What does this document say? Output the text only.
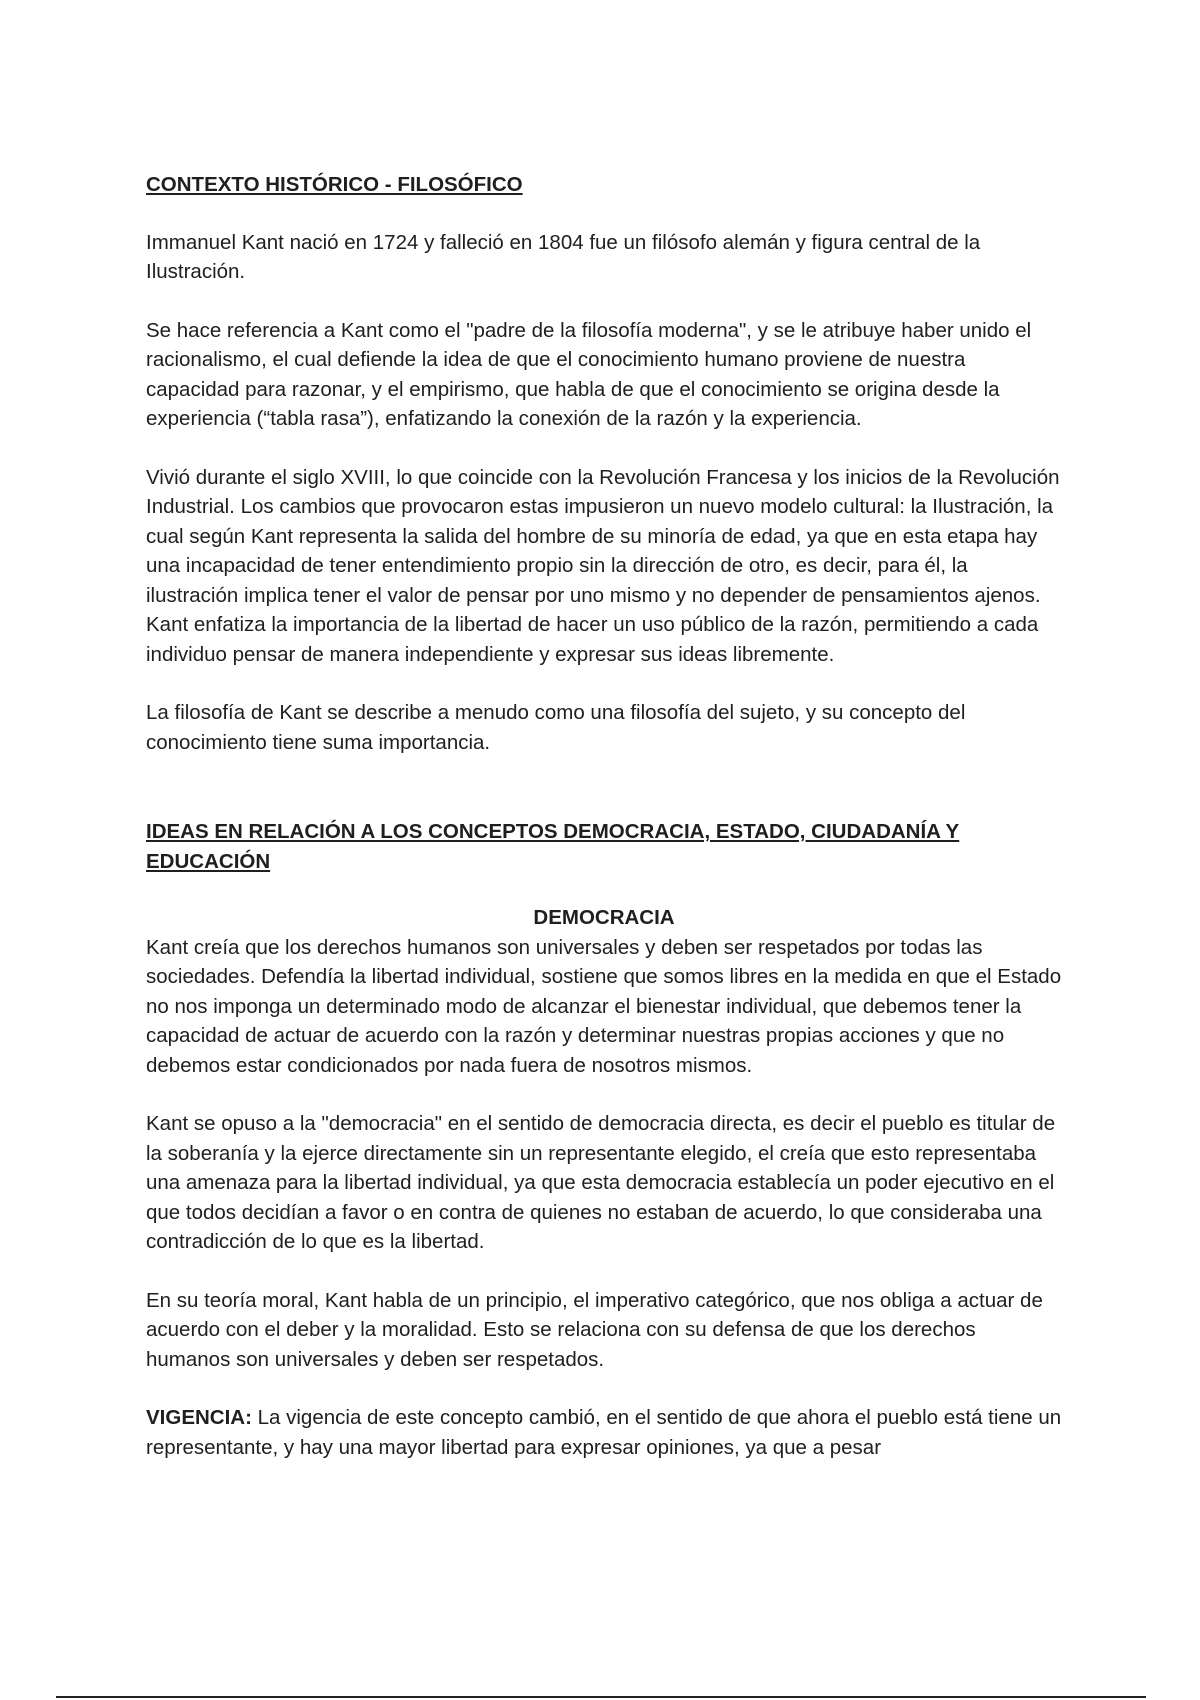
CONTEXTO HISTÓRICO - FILOSÓFICO

Immanuel Kant nació en 1724 y falleció en 1804 fue un filósofo alemán y figura central de la Ilustración.

Se hace referencia a Kant como el "padre de la filosofía moderna", y se le atribuye haber unido el racionalismo, el cual defiende la idea de que el conocimiento humano proviene de nuestra capacidad para razonar, y el empirismo, que habla de que el conocimiento se origina desde la experiencia (“tabla rasa”), enfatizando la conexión de la razón y la experiencia.

Vivió durante el siglo XVIII, lo que coincide con la Revolución Francesa y los inicios de la Revolución Industrial. Los cambios que provocaron estas impusieron un nuevo modelo cultural: la Ilustración, la cual según Kant representa la salida del hombre de su minoría de edad, ya que en esta etapa hay una incapacidad de tener entendimiento propio sin la dirección de otro, es decir, para él, la ilustración implica tener el valor de pensar por uno mismo y no depender de pensamientos ajenos. Kant enfatiza la importancia de la libertad de hacer un uso público de la razón, permitiendo a cada individuo pensar de manera independiente y expresar sus ideas libremente.

La filosofía de Kant se describe a menudo como una filosofía del sujeto, y su concepto del conocimiento tiene suma importancia.

IDEAS EN RELACIÓN A LOS CONCEPTOS DEMOCRACIA, ESTADO, CIUDADANÍA Y EDUCACIÓN
DEMOCRACIA

Kant creía que los derechos humanos son universales y deben ser respetados por todas las sociedades. Defendía la libertad individual, sostiene que somos libres en la medida en que el Estado no nos imponga un determinado modo de alcanzar el bienestar individual, que debemos tener la capacidad de actuar de acuerdo con la razón y determinar nuestras propias acciones y que no debemos estar condicionados por nada fuera de nosotros mismos.

Kant se opuso a la "democracia" en el sentido de democracia directa, es decir el pueblo es titular de la soberanía y la ejerce directamente sin un representante elegido, el creía que esto representaba una amenaza para la libertad individual, ya que esta democracia establecía un poder ejecutivo en el que todos decidían a favor o en contra de quienes no estaban de acuerdo, lo que consideraba una contradicción de lo que es la libertad.

En su teoría moral, Kant habla de un principio, el imperativo categórico, que nos obliga a actuar de acuerdo con el deber y la moralidad. Esto se relaciona con su defensa de que los derechos humanos son universales y deben ser respetados.

VIGENCIA: La vigencia de este concepto cambió, en el sentido de que ahora el pueblo está tiene un representante, y hay una mayor libertad para expresar opiniones, ya que a pesar
